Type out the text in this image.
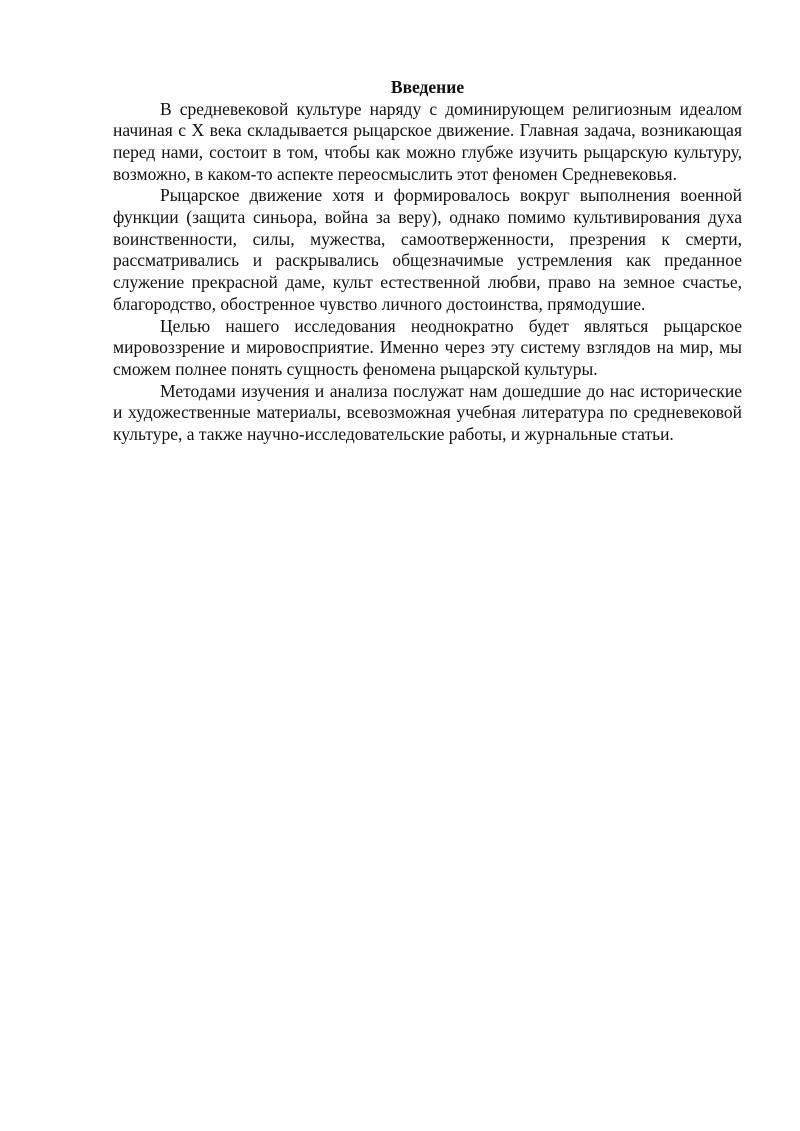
Введение

В средневековой культуре наряду с доминирующем религиозным идеалом начиная с X века складывается рыцарское движение. Главная задача, возникающая перед нами, состоит в том, чтобы как можно глубже изучить рыцарскую культуру, возможно, в каком-то аспекте переосмыслить этот феномен Средневековья.

Рыцарское движение хотя и формировалось вокруг выполнения военной функции (защита синьора, война за веру), однако помимо культивирования духа воинственности, силы, мужества, самоотверженности, презрения к смерти, рассматривались и раскрывались общезначимые устремления как преданное служение прекрасной даме, культ естественной любви, право на земное счастье, благородство, обостренное чувство личного достоинства, прямодушие.

Целью нашего исследования неоднократно будет являться рыцарское мировоззрение и мировосприятие. Именно через эту систему взглядов на мир, мы сможем полнее понять сущность феномена рыцарской культуры.

Методами изучения и анализа послужат нам дошедшие до нас исторические и художественные материалы, всевозможная учебная литература по средневековой культуре, а также научно-исследовательские работы, и журнальные статьи.
